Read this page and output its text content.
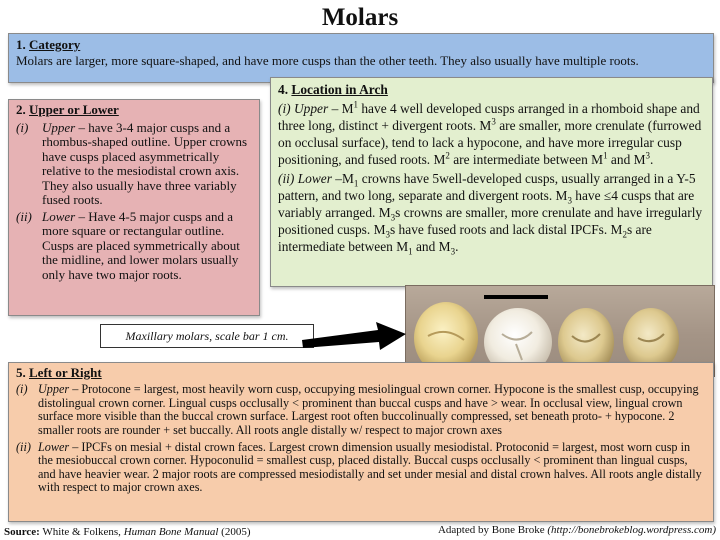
Molars
1. Category
Molars are larger, more square-shaped, and have more cusps than the other teeth. They also usually have multiple roots.
2. Upper or Lower
(i)	Upper – have 3-4 major cusps and a rhombus-shaped outline. Upper crowns have cusps placed asymmetrically relative to the mesiodistal crown axis. They also usually have three variably fused roots.
(ii) Lower – Have 4-5 major cusps and a more square or rectangular outline. Cusps are placed symmetrically about the midline, and lower molars usually only have two major roots.
4. Location in Arch

(i) Upper – $M^1$ have 4 well developed cusps arranged in a rhomboid shape and three long, distinct + divergent roots. $M^3$ are smaller, more crenulate (furrowed on occlusal surface), tend to lack a hypocone, and have more irregular cusp positioning, and fused roots. $M^2$ are intermediate between $M^1$ and $M^3$.

(ii) Lower $-M_1$ crowns have 5well-developed cusps, usually arranged in a Y-5 pattern, and two long, separate and divergent roots. $M_3$ have ≤4 cusps that are variably arranged. $M_3s$ crowns are smaller, more crenulate and have irregularly positioned cusps. $M_3s$ have fused roots and lack distal IPCFs. $M_2s$ are intermediate between $M_1$ and $M_3$.

Maxillary molars, scale bar 1 cm.
5. Left or Right
(i) Upper – Protocone = largest, most heavily worn cusp, occupying mesiolingual crown corner. Hypocone is the smallest cusp, occupying distolingual crown corner. Lingual cusps occlusally < prominent than buccal cusps and have > wear. In occlusal view, lingual crown surface more visible than the buccal crown surface. Largest root often buccolinually compressed, set beneath proto- + hypocone. 2 smaller roots are rounder + set buccally. All roots angle distally w/ respect to major crown axes
(ii) Lower – IPCFs on mesial + distal crown faces. Largest crown dimension usually mesiodistal. Protoconid = largest, most worn cusp in the mesiobuccal crown corner. Hypoconulid = smallest cusp, placed distally. Buccal cusps occlusally < prominent than lingual cusps, and have heavier wear. 2 major roots are compressed mesiodistally and set under mesial and distal crown halves. All roots angle distally with respect to major crown axes.
Source: White & Folkens, Human Bone Manual (2005)	Adapted by Bone Broke (http://bonebrokeblog.wordpress.com)
